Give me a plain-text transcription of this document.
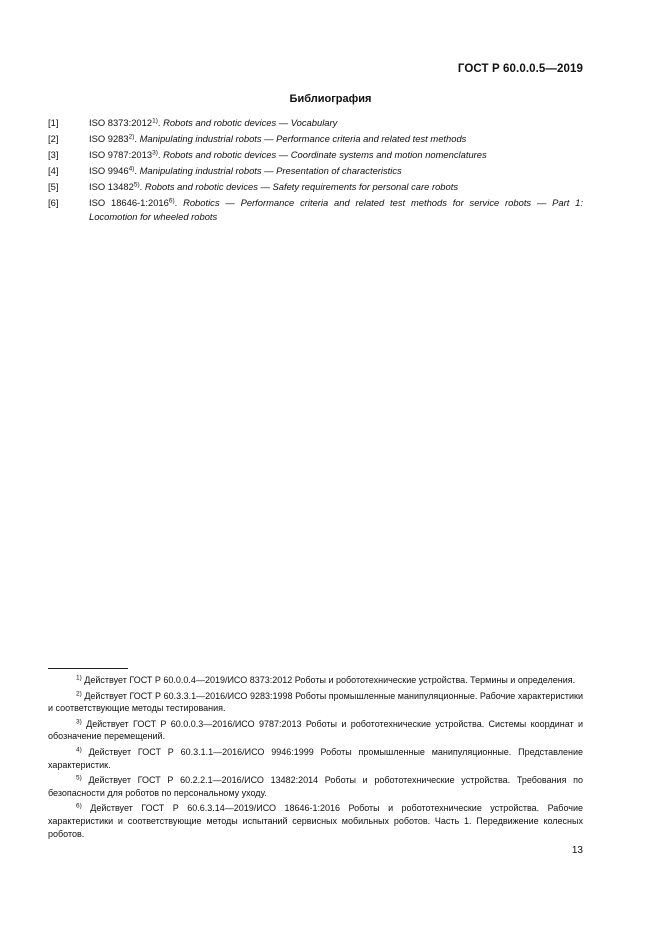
ГОСТ Р 60.0.0.5—2019
Библиография
[1]	ISO 8373:2012$^{1)}$. Robots and robotic devices — Vocabulary
[2]	ISO 9283$^{2)}$. Manipulating industrial robots — Performance criteria and related test methods
[3]	ISO 9787:2013$^{3)}$. Robots and robotic devices — Coordinate systems and motion nomenclatures
[4]	ISO 9946$^{4)}$. Manipulating industrial robots — Presentation of characteristics
[5]	ISO 13482$^{5)}$. Robots and robotic devices — Safety requirements for personal care robots
[6]	ISO 18646-1:2016$^{6)}$. Robotics — Performance criteria and related test methods for service robots — Part 1: Locomotion for wheeled robots

$^{1)}$ Действует ГОСТ Р 60.0.0.4—2019/ИСО 8373:2012 Роботы и робототехнические устройства. Термины и определения.

$^{2)}$ Действует ГОСТ Р 60.3.3.1—2016/ИСО 9283:1998 Роботы промышленные манипуляционные. Рабочие характеристики и соответствующие методы тестирования.

$^{3)}$ Действует ГОСТ Р 60.0.0.3—2016/ИСО 9787:2013 Роботы и робототехнические устройства. Системы координат и обозначение перемещений.

$^{4)}$ Действует ГОСТ Р 60.3.1.1—2016/ИСО 9946:1999 Роботы промышленные манипуляционные. Представление характеристик.

$^{5)}$ Действует ГОСТ Р 60.2.2.1—2016/ИСО 13482:2014 Роботы и робототехнические устройства. Требования по безопасности для роботов по персональному уходу.

$^{6)}$ Действует ГОСТ Р 60.6.3.14—2019/ИСО 18646-1:2016 Роботы и робототехнические устройства. Рабочие характеристики и соответствующие методы испытаний сервисных мобильных роботов. Часть 1. Передвижение колесных роботов.

13
